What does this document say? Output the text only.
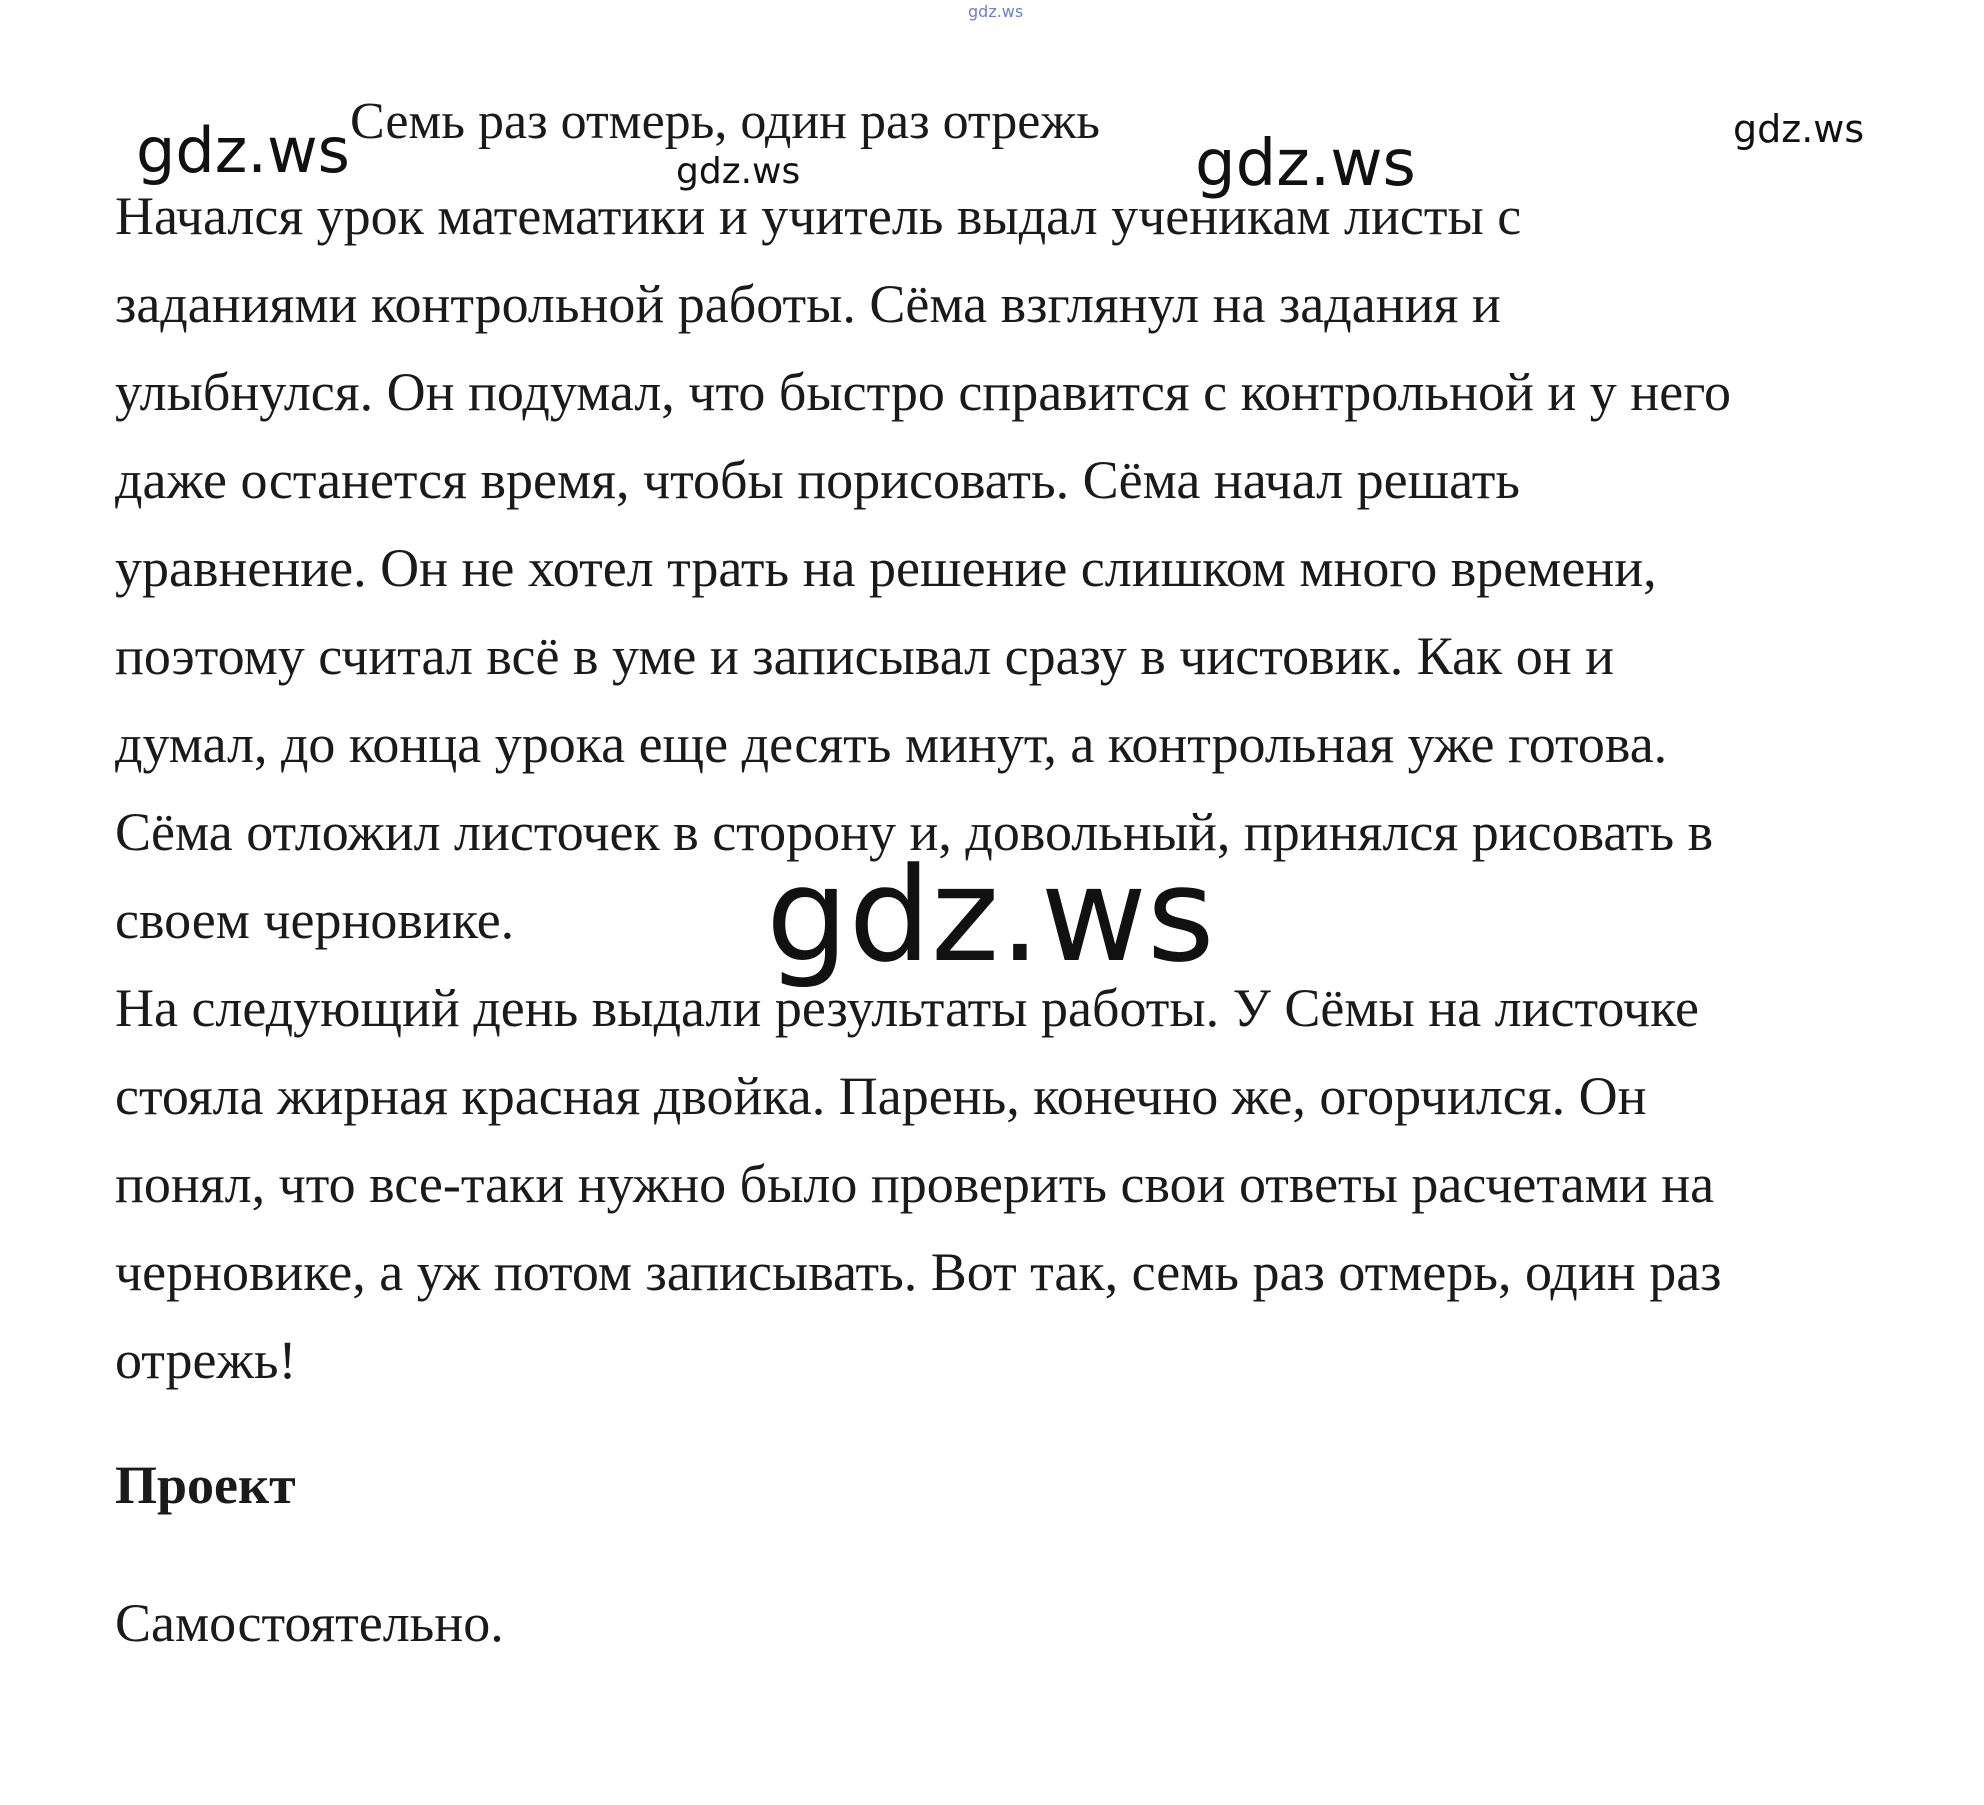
Семь раз отмерь, один раз отрежь
Начался урок математики и учитель выдал ученикам листы с
заданиями контрольной работы. Сёма взглянул на задания и
улыбнулся. Он подумал, что быстро справится с контрольной и у него
даже останется время, чтобы порисовать. Сёма начал решать
уравнение. Он не хотел трать на решение слишком много времени,
поэтому считал всё в уме и записывал сразу в чистовик. Как он и
думал, до конца урока еще десять минут, а контрольная уже готова.
Сёма отложил листочек в сторону и, довольный, принялся рисовать в
своем черновике.
На следующий день выдали результаты работы. У Сёмы на листочке
стояла жирная красная двойка. Парень, конечно же, огорчился. Он
понял, что все-таки нужно было проверить свои ответы расчетами на
черновике, а уж потом записывать. Вот так, семь раз отмерь, один раз
отрежь!
Проект
Самостоятельно.
gdz.ws
gdz.ws	gdz.ws	gdz.ws	gdz.ws
gdz.ws
